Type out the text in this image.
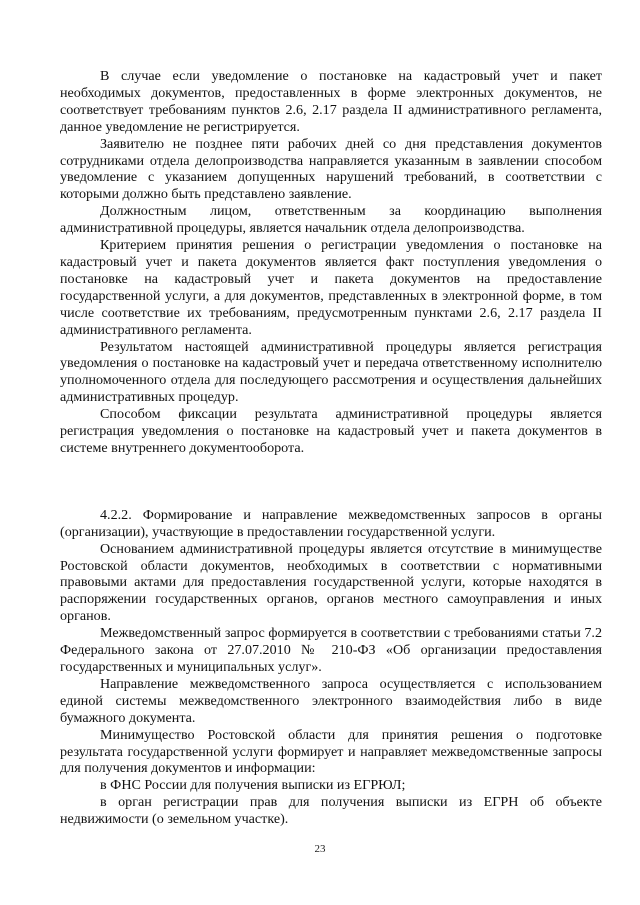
В случае если уведомление о постановке на кадастровый учет и пакет необходимых документов, предоставленных в форме электронных документов, не соответствует требованиям пунктов 2.6, 2.17 раздела II административного регламента, данное уведомление не регистрируется.

Заявителю не позднее пяти рабочих дней со дня представления документов сотрудниками отдела делопроизводства направляется указанным в заявлении способом уведомление с указанием допущенных нарушений требований, в соответствии с которыми должно быть представлено заявление.

Должностным лицом, ответственным за координацию выполнения административной процедуры, является начальник отдела делопроизводства.

Критерием принятия решения о регистрации уведомления о постановке на кадастровый учет и пакета документов является факт поступления уведомления о постановке на кадастровый учет и пакета документов на предоставление государственной услуги, а для документов, представленных в электронной форме, в том числе соответствие их требованиям, предусмотренным пунктами 2.6, 2.17 раздела II административного регламента.

Результатом настоящей административной процедуры является регистрация уведомления о постановке на кадастровый учет и передача ответственному исполнителю уполномоченного отдела для последующего рассмотрения и осуществления дальнейших административных процедур.

Способом фиксации результата административной процедуры является регистрация уведомления о постановке на кадастровый учет и пакета документов в системе внутреннего документооборота.

4.2.2. Формирование и направление межведомственных запросов в органы (организации), участвующие в предоставлении государственной услуги.

Основанием административной процедуры является отсутствие в минимуществе Ростовской области документов, необходимых в соответствии с нормативными правовыми актами для предоставления государственной услуги, которые находятся в распоряжении государственных органов, органов местного самоуправления и иных органов.

Межведомственный запрос формируется в соответствии с требованиями статьи 7.2 Федерального закона от 27.07.2010 № 210-ФЗ «Об организации предоставления государственных и муниципальных услуг».

Направление межведомственного запроса осуществляется с использованием единой системы межведомственного электронного взаимодействия либо в виде бумажного документа.

Минимущество Ростовской области для принятия решения о подготовке результата государственной услуги формирует и направляет межведомственные запросы для получения документов и информации:

в ФНС России для получения выписки из ЕГРЮЛ;

в орган регистрации прав для получения выписки из ЕГРН об объекте недвижимости (о земельном участке).

23
